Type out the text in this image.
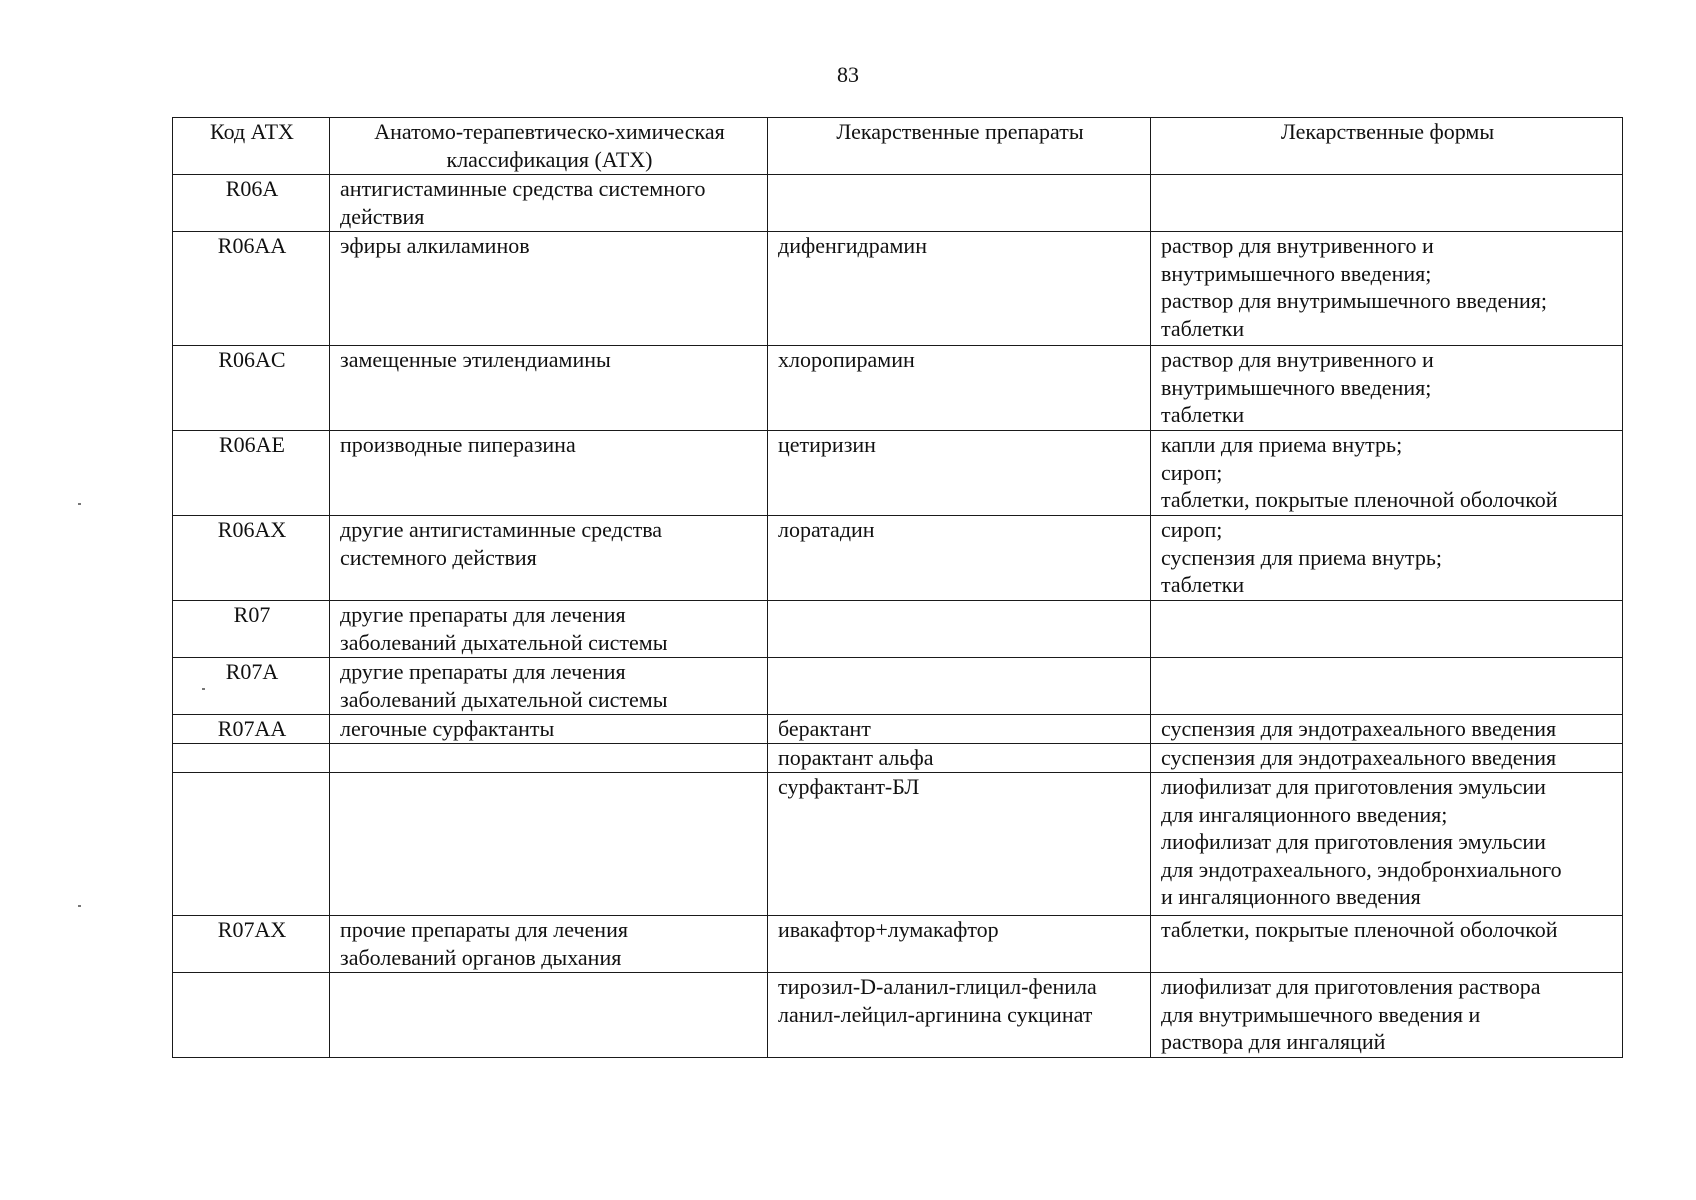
83
Код АТХ	Анатомо-терапевтическо-химическая
классификация (АТХ)	Лекарственные препараты	Лекарственные формы

R06A	антигистаминные средства системного
действия		

R06AA	эфиры алкиламинов	дифенгидрамин	раствор для внутривенного и
внутримышечного введения;
раствор для внутримышечного введения;
таблетки

R06AC	замещенные этилендиамины	хлоропирамин	раствор для внутривенного и
внутримышечного введения;
таблетки

R06AE	производные пиперазина	цетиризин	капли для приема внутрь;
сироп;
таблетки, покрытые пленочной оболочкой

R06AX	другие антигистаминные средства
системного действия	лоратадин	сироп;
суспензия для приема внутрь;
таблетки

R07	другие препараты для лечения
заболеваний дыхательной системы		

R07A	другие препараты для лечения
заболеваний дыхательной системы		

R07AA	легочные сурфактанты	берактант	суспензия для эндотрахеального введения

		порактант альфа	суспензия для эндотрахеального введения

		сурфактант-БЛ	лиофилизат для приготовления эмульсии
для ингаляционного введения;
лиофилизат для приготовления эмульсии
для эндотрахеального, эндобронхиального
и ингаляционного введения

R07AX	прочие препараты для лечения
заболеваний органов дыхания	ивакафтор+лумакафтор	таблетки, покрытые пленочной оболочкой

		тирозил-D-аланил-глицил-фенила
ланил-лейцил-аргинина сукцинат	лиофилизат для приготовления раствора
для внутримышечного введения и
раствора для ингаляций
